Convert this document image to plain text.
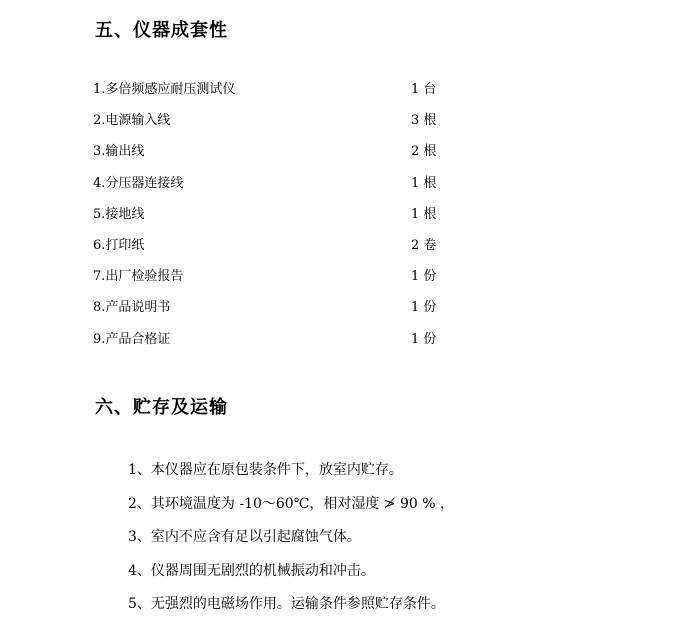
五、仪器成套性
1.多倍频感应耐压测试仪	1 台
2.电源输入线	3 根
3.输出线	2 根
4.分压器连接线	1 根
5.接地线	1 根
6.打印纸	2 卷
7.出厂检验报告	1 份
8.产品说明书	1 份
9.产品合格证	1 份
六、贮存及运输
1、本仪器应在原包装条件下，放室内贮存。
2、其环境温度为 -10～60℃，相对湿度 ≯ 90 % ，
3、室内不应含有足以引起腐蚀气体。
4、仪器周围无剧烈的机械振动和冲击。
5、无强烈的电磁场作用。运输条件参照贮存条件。
